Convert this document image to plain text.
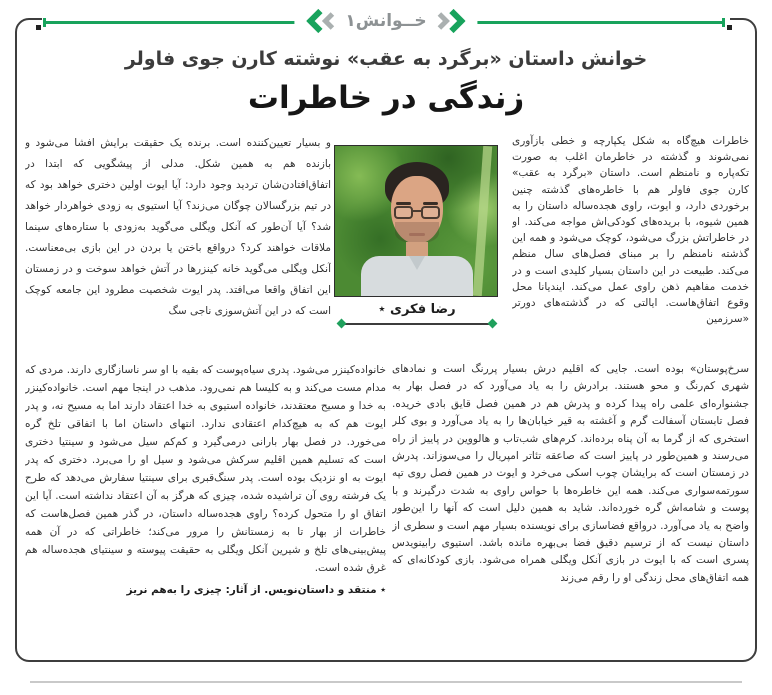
خــوانش۱
خوانش داستان «برگرد به عقب» نوشته کارن جوی فاولر
زندگی در خاطرات
رضا فکری ٭

خاطرات هیچ‌گاه به شکل یکپارچه و خطی بازآوری نمی‌شوند و گذشته در خاطرمان اغلب به صورت تکه‌پاره و نامنظم است. داستان «برگرد به عقب» کارن جوی فاولر هم با خاطره‌های گذشته چنین برخوردی دارد، و ایوت، راوی هجده‌ساله داستان را به همین شیوه، با بریده‌های کودکی‌اش مواجه می‌کند. او در خاطراتش بزرگ می‌شود، کوچک می‌شود و همه این گذشته نامنظم را بر مبنای فصل‌های سال منظم می‌کند. طبیعت در این داستان بسیار کلیدی است و در خدمت مفاهیم ذهن راوی عمل می‌کند. ایندیانا محل وقوع اتفاق‌هاست. ایالتی که در گذشته‌های دورتر «سرزمین

سرخ‌پوستان» بوده است. جایی که اقلیم درش بسیار پررنگ است و نمادهای شهری کم‌رنگ و محو هستند. برادرش را به یاد می‌آورد که در فصل بهار به جشنواره‌ای علمی راه پیدا کرده و پدرش هم در همین فصل قایق بادی خریده. فصل تابستان آسفالت گرم و آغشته به قیر خیابان‌ها را به یاد می‌آورد و بوی کلر استخری که از گرما به آن پناه برده‌اند. کرم‌های شب‌تاب و هالووین در پاییز از راه می‌رسند و همین‌طور در پاییز است که صاعقه تئاتر امپریال را می‌سوزاند. پدرش در زمستان است که برایشان چوب اسکی می‌خرد و ایوت در همین فصل روی تپه سورتمه‌سواری می‌کند. همه این خاطره‌ها با حواس راوی به شدت درگیرند و با پوست و شامه‌اش گره خورده‌اند. شاید به همین دلیل است که آنها را این‌طور واضح به یاد می‌آورد. درواقع فضاسازی برای نویسنده بسیار مهم است و سطری از داستان نیست که از ترسیم دقیق فضا بی‌بهره مانده باشد. استیوی رابینویدس پسری است که با ایوت در بازی آنکل ویگلی همراه می‌شود. بازی کودکانه‌ای که همه اتفاق‌های محل زندگی او را رقم می‌زند

و بسیار تعیین‌کننده است. برنده یک حقیقت برایش افشا می‌شود و بازنده هم به همین شکل. مدلی از پیشگویی که ابتدا در اتفاق‌افتادن‌شان تردید وجود دارد: آیا ایوت اولین دختری خواهد بود که در تیم بزرگسالان چوگان می‌زند؟ آیا استیوی به زودی خواهردار خواهد شد؟ آیا آن‌طور که آنکل ویگلی می‌گوید به‌زودی با ستاره‌های سینما ملاقات خواهند کرد؟ درواقع باختن یا بردن در این بازی بی‌معناست. آنکل ویگلی می‌گوید خانه کینزرها در آتش خواهد سوخت و در زمستان این اتفاق واقعا می‌افتد. پدر ایوت شخصیت مطرود این جامعه کوچک است که در این آتش‌سوزی ناجی سگ

خانواده‌کینزر می‌شود. پدری سیاه‌پوست که بقیه با او سر ناسازگاری دارند. مردی که مدام مست می‌کند و به کلیسا هم نمی‌رود. مذهب در اینجا مهم است. خانواده‌کینزر به خدا و مسیح معتقدند، خانواده استیوی به خدا اعتقاد دارند اما به مسیح نه، و پدر ایوت هم که به هیچ‌کدام اعتقادی ندارد. انتهای داستان اما با اتفاقی تلخ گره می‌خورد. در فصل بهار بارانی درمی‌گیرد و کم‌کم سیل می‌شود و سینتیا دختری است که تسلیم همین اقلیم سرکش می‌شود و سیل او را می‌برد. دختری که پدر ایوت به او نزدیک بوده است. پدر سنگ‌قبری برای سینتیا سفارش می‌دهد که طرح یک فرشته روی آن تراشیده شده، چیزی که هرگز به آن اعتقاد نداشته است. آیا این اتفاق او را متحول کرده؟ راوی هجده‌ساله داستان، در گذر همین فصل‌هاست که خاطرات از بهار تا به زمستانش را مرور می‌کند؛ خاطراتی که در آن همه پیش‌بینی‌های تلخ و شیرین آنکل ویگلی به حقیقت پیوسته و سینتیای هجده‌ساله هم غرق شده است.

٭ منتقد و داستان‌نویس. از آثار: چیزی را به‌هم نریز
